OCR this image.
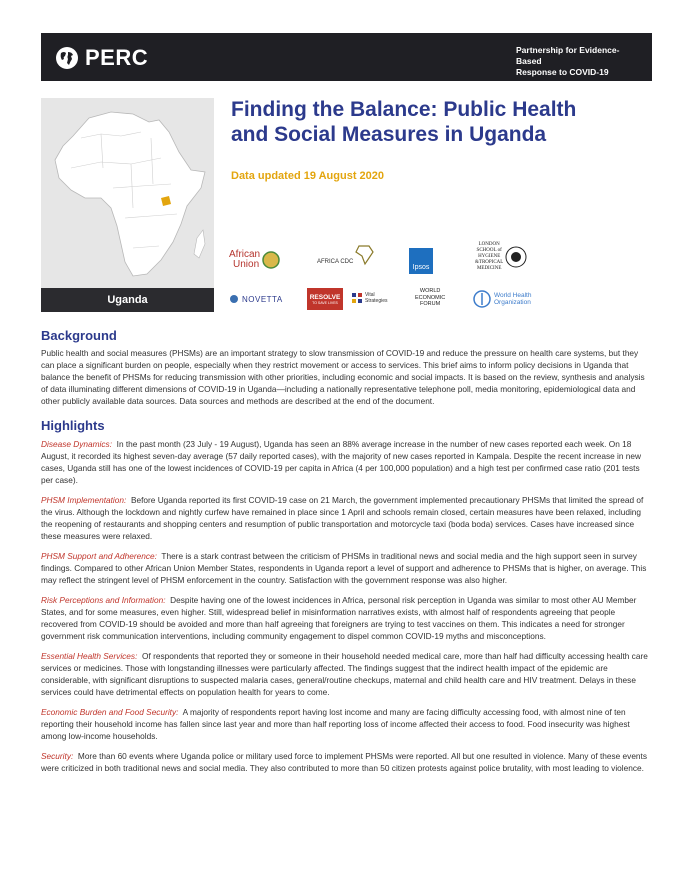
PERC	Partnership for Evidence-Based
Response to COVID-19
Uganda
Finding the Balance: Public Health
and Social Measures in Uganda
Data updated 19 August 2020
African
Union	AFRICA CDC
Ipsos
LONDON
SCHOOL of
HYGIENE
&TROPICAL
MEDICINE
NOVETTA	RESOLVE
TO SAVE LIVES
Vital
Strategies
WORLD
ECONOMIC
FORUM
World Health
Organization
Background

Public health and social measures (PHSMs) are an important strategy to slow transmission of COVID-19 and reduce the pressure on health care systems, but they can place a significant burden on people, especially when they restrict movement or access to services. This brief aims to inform policy decisions in Uganda that balance the benefit of PHSMs for reducing transmission with other priorities, including economic and social impacts. It is based on the review, synthesis and analysis of data illuminating different dimensions of COVID-19 in Uganda—including a nationally representative telephone poll, media monitoring, epidemiological data and other publicly available data sources. Data sources and methods are described at the end of the document.

Highlights

Disease Dynamics: In the past month (23 July - 19 August), Uganda has seen an 88% average increase in the number of new cases reported each week. On 18 August, it recorded its highest seven-day average (57 daily reported cases), with the majority of new cases reported in Kampala. Despite the recent increase in new cases, Uganda still has one of the lowest incidences of COVID-19 per capita in Africa (4 per 100,000 population) and a high test per confirmed case ratio (201 tests per case).

PHSM Implementation: Before Uganda reported its first COVID-19 case on 21 March, the government implemented precautionary PHSMs that limited the spread of the virus. Although the lockdown and nightly curfew have remained in place since 1 April and schools remain closed, certain measures have been relaxed, including the reopening of restaurants and shopping centers and resumption of public transportation and motorcycle taxi (boda boda) services. Cases have increased since these measures were relaxed.

PHSM Support and Adherence: There is a stark contrast between the criticism of PHSMs in traditional news and social media and the high support seen in survey findings. Compared to other African Union Member States, respondents in Uganda report a level of support and adherence to PHSMs that is higher, on average. This may reflect the stringent level of PHSM enforcement in the country. Satisfaction with the government response was also higher.

Risk Perceptions and Information: Despite having one of the lowest incidences in Africa, personal risk perception in Uganda was similar to most other AU Member States, and for some measures, even higher. Still, widespread belief in misinformation narratives exists, with almost half of respondents agreeing that people recovered from COVID-19 should be avoided and more than half agreeing that foreigners are trying to test vaccines on them. This indicates a need for stronger government risk communication interventions, including community engagement to dispel common COVID-19 myths and misconceptions.

Essential Health Services: Of respondents that reported they or someone in their household needed medical care, more than half had difficulty accessing health care services or medicines. Those with longstanding illnesses were particularly affected. The findings suggest that the indirect health impact of the epidemic are considerable, with significant disruptions to suspected malaria cases, general/routine checkups, maternal and child health care and HIV treatment. Delays in these services could have detrimental effects on population health for years to come.

Economic Burden and Food Security: A majority of respondents report having lost income and many are facing difficulty accessing food, with almost nine of ten reporting their household income has fallen since last year and more than half reporting loss of income affected their access to food. Food insecurity was highest among low-income households.

Security: More than 60 events where Uganda police or military used force to implement PHSMs were reported. All but one resulted in violence. Many of these events were criticized in both traditional news and social media. They also contributed to more than 50 citizen protests against police brutality, with most leading to violence.
